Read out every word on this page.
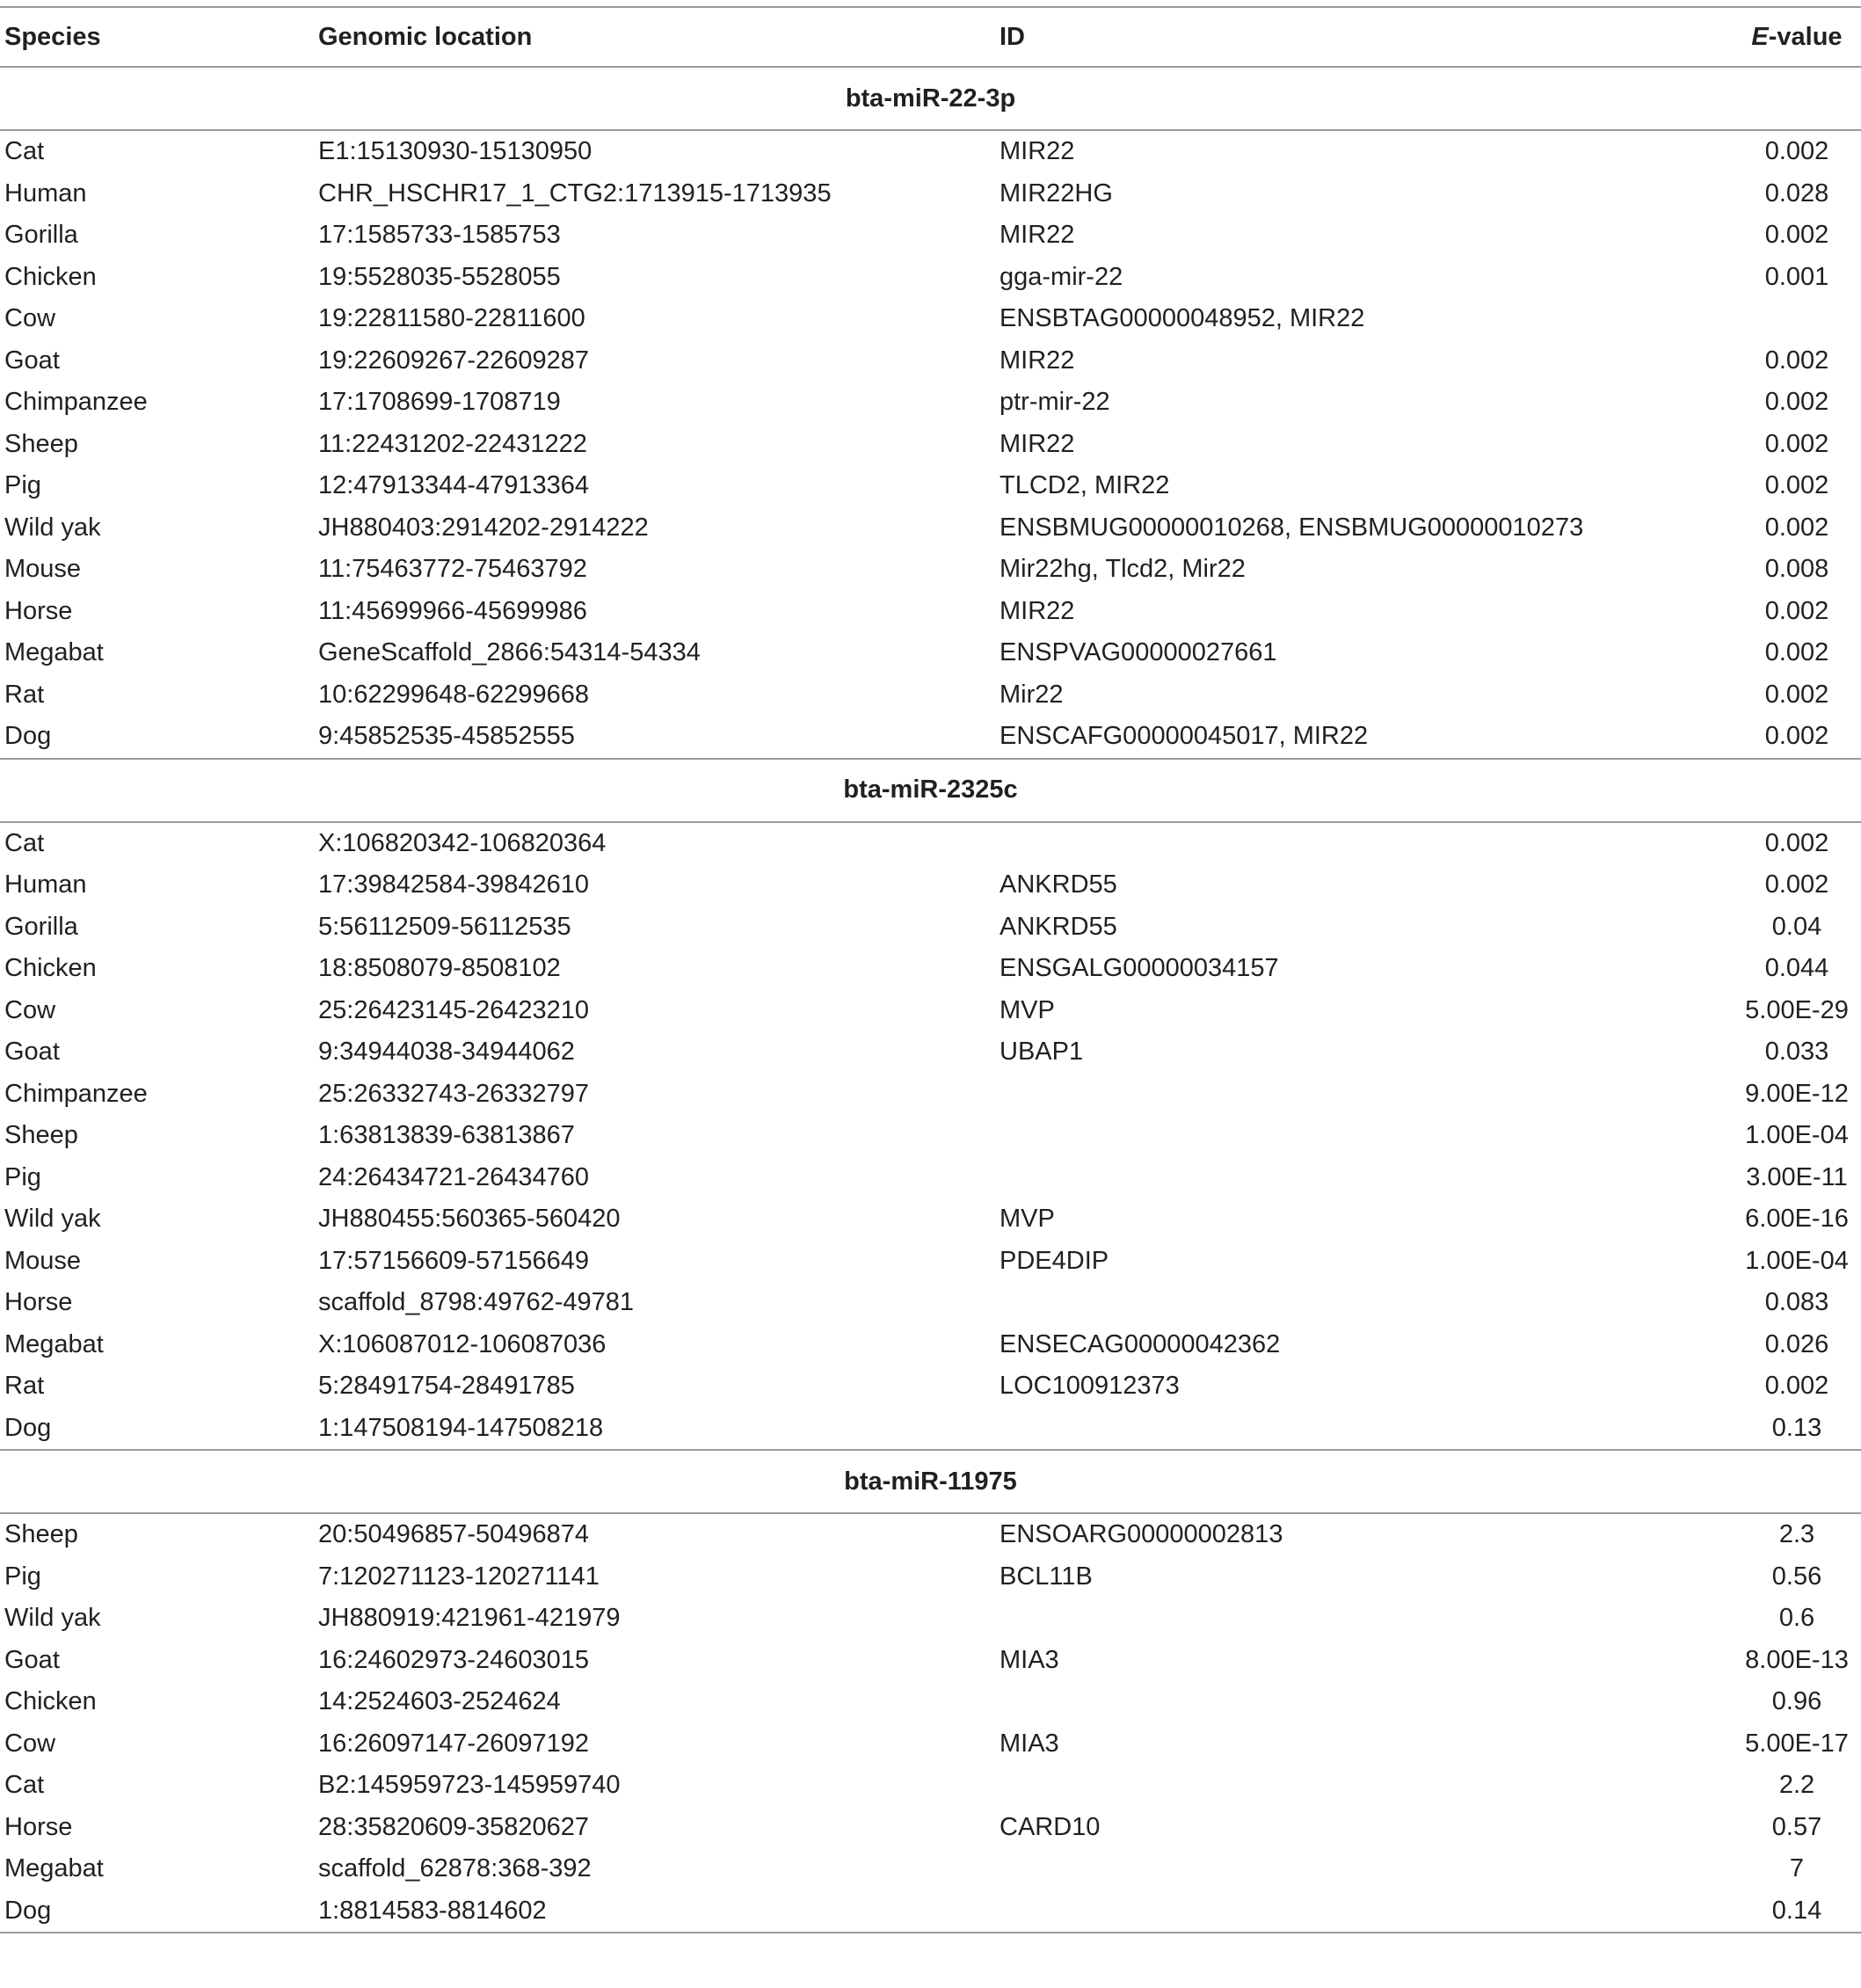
Species	Genomic location	ID	E-value
bta-miR-22-3p			
Cat	E1:15130930-15130950	MIR22	0.002
Human	CHR_HSCHR17_1_CTG2:1713915-1713935	MIR22HG	0.028
Gorilla	17:1585733-1585753	MIR22	0.002
Chicken	19:5528035-5528055	gga-mir-22	0.001
Cow	19:22811580-22811600	ENSBTAG00000048952, MIR22	
Goat	19:22609267-22609287	MIR22	0.002
Chimpanzee	17:1708699-1708719	ptr-mir-22	0.002
Sheep	11:22431202-22431222	MIR22	0.002
Pig	12:47913344-47913364	TLCD2, MIR22	0.002
Wild yak	JH880403:2914202-2914222	ENSBMUG00000010268, ENSBMUG00000010273	0.002
Mouse	11:75463772-75463792	Mir22hg, Tlcd2, Mir22	0.008
Horse	11:45699966-45699986	MIR22	0.002
Megabat	GeneScaffold_2866:54314-54334	ENSPVAG00000027661	0.002
Rat	10:62299648-62299668	Mir22	0.002
Dog	9:45852535-45852555	ENSCAFG00000045017, MIR22	0.002
bta-miR-2325c			
Cat	X:106820342-106820364		0.002
Human	17:39842584-39842610	ANKRD55	0.002
Gorilla	5:56112509-56112535	ANKRD55	0.04
Chicken	18:8508079-8508102	ENSGALG00000034157	0.044
Cow	25:26423145-26423210	MVP	5.00E-29
Goat	9:34944038-34944062	UBAP1	0.033
Chimpanzee	25:26332743-26332797		9.00E-12
Sheep	1:63813839-63813867		1.00E-04
Pig	24:26434721-26434760		3.00E-11
Wild yak	JH880455:560365-560420	MVP	6.00E-16
Mouse	17:57156609-57156649	PDE4DIP	1.00E-04
Horse	scaffold_8798:49762-49781		0.083
Megabat	X:106087012-106087036	ENSECAG00000042362	0.026
Rat	5:28491754-28491785	LOC100912373	0.002
Dog	1:147508194-147508218		0.13
bta-miR-11975			
Sheep	20:50496857-50496874	ENSOARG00000002813	2.3
Pig	7:120271123-120271141	BCL11B	0.56
Wild yak	JH880919:421961-421979		0.6
Goat	16:24602973-24603015	MIA3	8.00E-13
Chicken	14:2524603-2524624		0.96
Cow	16:26097147-26097192	MIA3	5.00E-17
Cat	B2:145959723-145959740		2.2
Horse	28:35820609-35820627	CARD10	0.57
Megabat	scaffold_62878:368-392		7
Dog	1:8814583-8814602		0.14
